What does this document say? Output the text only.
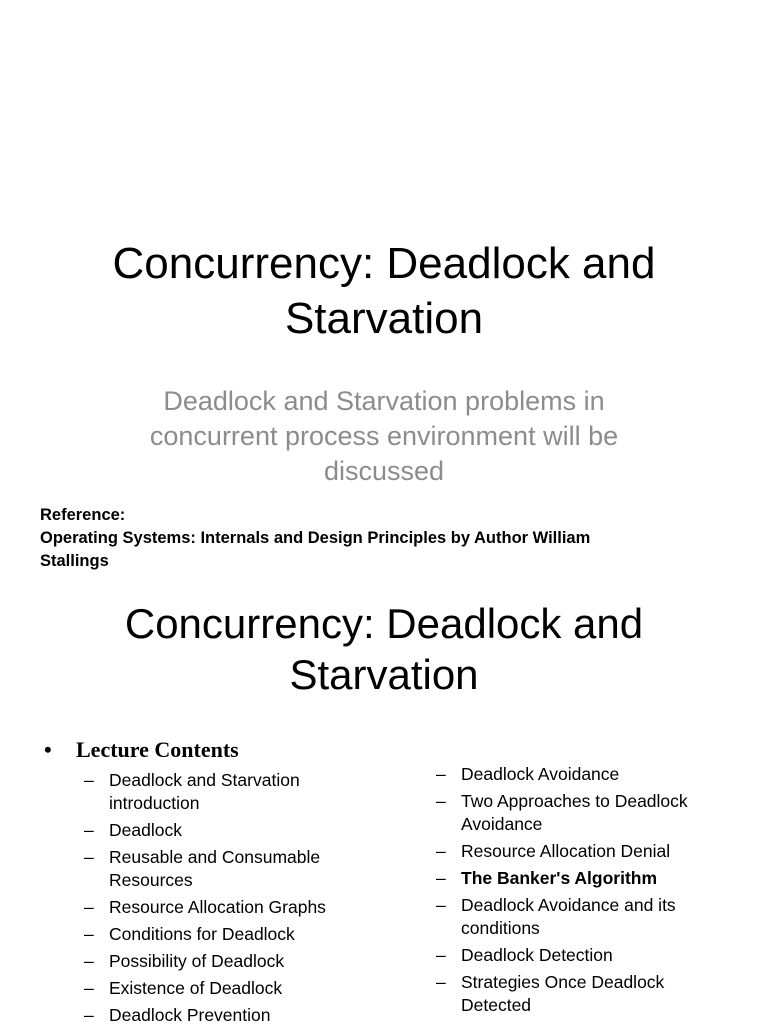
Concurrency: Deadlock and
Starvation
Deadlock and Starvation problems in
concurrent process environment will be
discussed
Reference:
Operating Systems: Internals and Design Principles by Author William
Stallings
Concurrency: Deadlock and
Starvation
• Lecture Contents
– Deadlock and Starvation
introduction
– Deadlock
– Reusable and Consumable
Resources
– Resource Allocation Graphs
– Conditions for Deadlock
– Possibility of Deadlock
– Existence of Deadlock
– Deadlock Prevention
– Deadlock Avoidance
– Two Approaches to Deadlock
Avoidance
– Resource Allocation Denial
– The Banker's Algorithm
– Deadlock Avoidance and its
conditions
– Deadlock Detection
– Strategies Once Deadlock
Detected
